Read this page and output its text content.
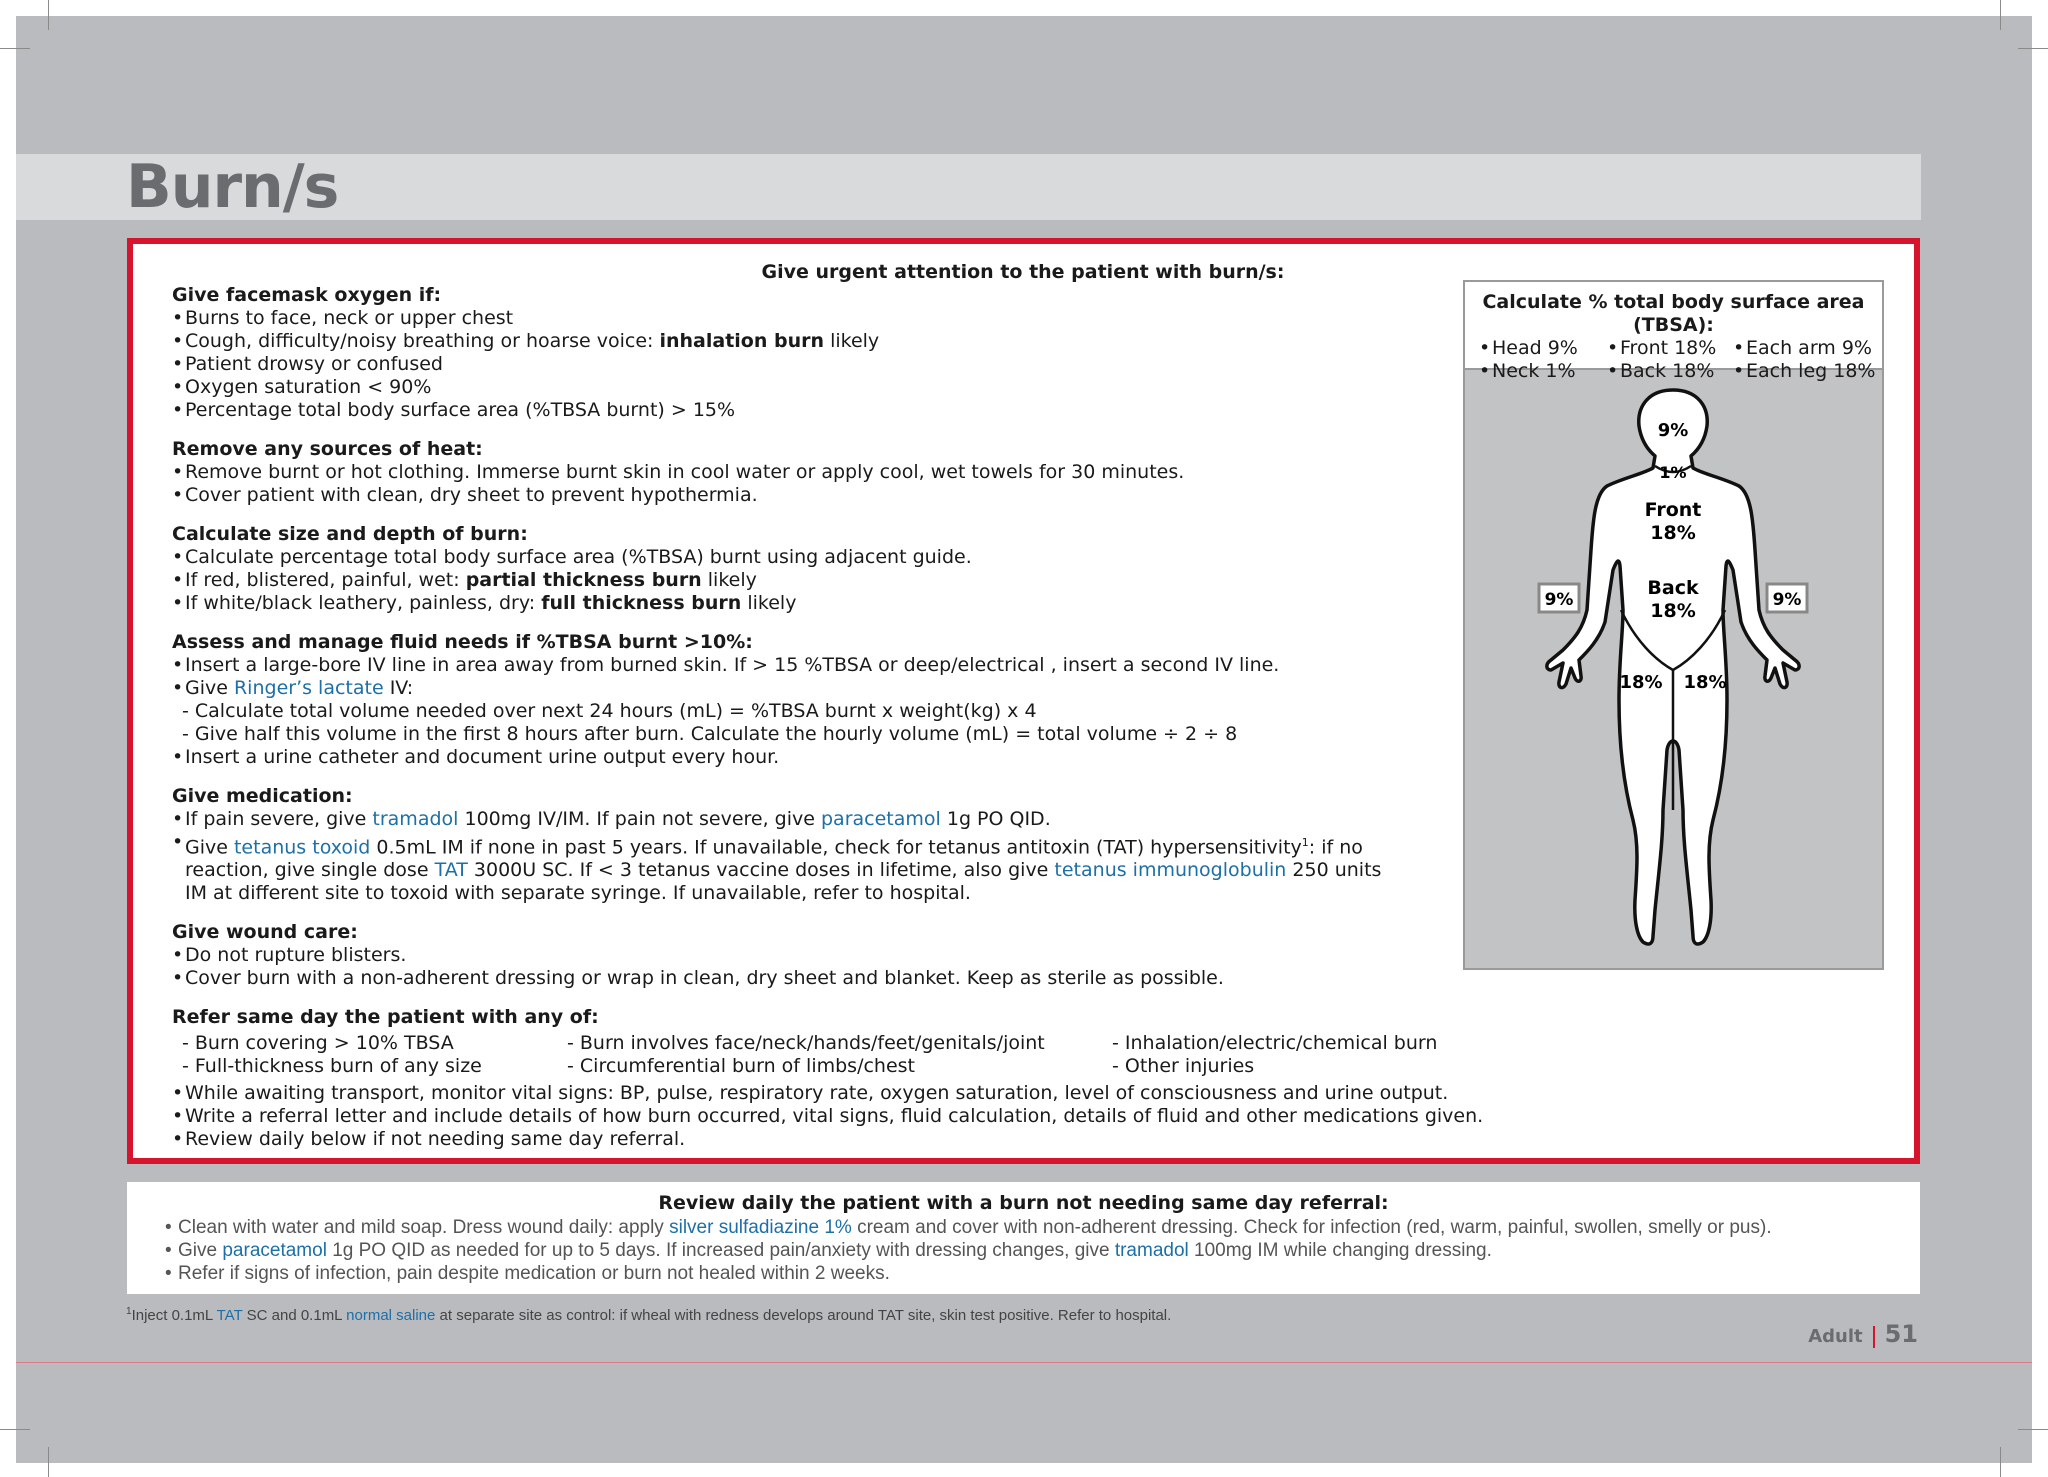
Burn/s
Give urgent attention to the patient with burn/s:
Give facemask oxygen if:
• Burns to face, neck or upper chest
• Cough, difficulty/noisy breathing or hoarse voice: inhalation burn likely
• Patient drowsy or confused
• Oxygen saturation < 90%
• Percentage total body surface area (%TBSA burnt) > 15%
Remove any sources of heat:
• Remove burnt or hot clothing. Immerse burnt skin in cool water or apply cool, wet towels for 30 minutes.
• Cover patient with clean, dry sheet to prevent hypothermia.
Calculate size and depth of burn:
• Calculate percentage total body surface area (%TBSA) burnt using adjacent guide.
• If red, blistered, painful, wet: partial thickness burn likely
• If white/black leathery, painless, dry: full thickness burn likely
Assess and manage fluid needs if %TBSA burnt >10%:
• Insert a large-bore IV line in area away from burned skin. If > 15 %TBSA or deep/electrical , insert a second IV line.
• Give Ringer’s lactate IV:
- Calculate total volume needed over next 24 hours (mL) = %TBSA burnt x weight(kg) x 4
- Give half this volume in the first 8 hours after burn. Calculate the hourly volume (mL) = total volume ÷ 2 ÷ 8
• Insert a urine catheter and document urine output every hour.
Give medication:
• If pain severe, give tramadol 100mg IV/IM. If pain not severe, give paracetamol 1g PO QID.
• Give tetanus toxoid 0.5mL IM if none in past 5 years. If unavailable, check for tetanus antitoxin (TAT) hypersensitivity$^1$: if no reaction, give single dose TAT 3000U SC. If < 3 tetanus vaccine doses in lifetime, also give tetanus immunoglobulin 250 units IM at different site to toxoid with separate syringe. If unavailable, refer to hospital.
Give wound care:
• Do not rupture blisters.
• Cover burn with a non-adherent dressing or wrap in clean, dry sheet and blanket. Keep as sterile as possible.
Refer same day the patient with any of:
- Burn covering > 10% TBSA	- Burn involves face/neck/hands/feet/genitals/joint	- Inhalation/electric/chemical burn
- Full-thickness burn of any size	- Circumferential burn of limbs/chest	- Other injuries
• While awaiting transport, monitor vital signs: BP, pulse, respiratory rate, oxygen saturation, level of consciousness and urine output.
• Write a referral letter and include details of how burn occurred, vital signs, fluid calculation, details of fluid and other medications given.
• Review daily below if not needing same day referral.
Calculate % total body surface area (TBSA):
• Head 9%	• Front 18%	• Each arm 9%
• Neck 1%	• Back 18%	• Each leg 18%
9%
1%
Front
18%
Back
18%
9%	9%
18% 18%
Review daily the patient with a burn not needing same day referral:
• Clean with water and mild soap. Dress wound daily: apply silver sulfadiazine 1% cream and cover with non-adherent dressing. Check for infection (red, warm, painful, swollen, smelly or pus).
• Give paracetamol 1g PO QID as needed for up to 5 days. If increased pain/anxiety with dressing changes, give tramadol 100mg IM while changing dressing.
• Refer if signs of infection, pain despite medication or burn not healed within 2 weeks.
$^1$Inject 0.1mL TAT SC and 0.1mL normal saline at separate site as control: if wheal with redness develops around TAT site, skin test positive. Refer to hospital.
Adult 51
